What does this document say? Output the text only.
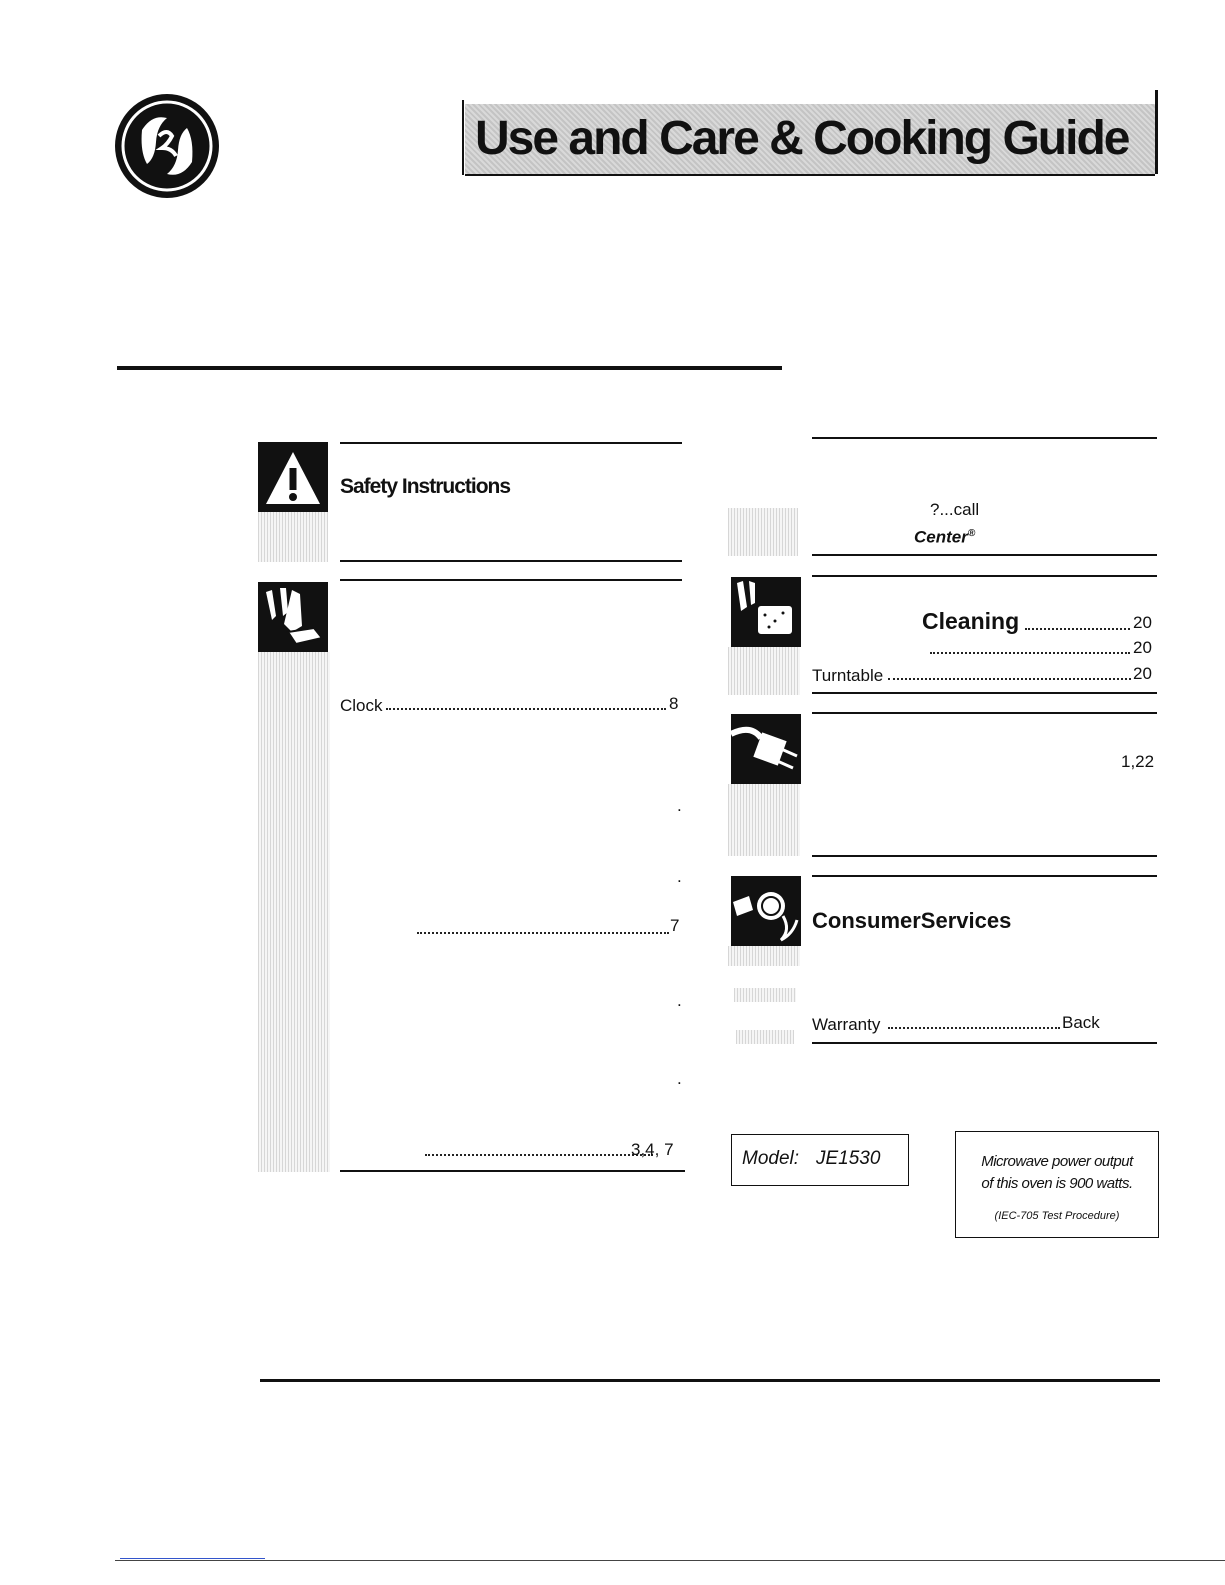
Use and Care & Cooking Guide
Safety Instructions
Clock	8
.
.
7
.
.
3,4, 7
?...call
Center®
Cleaning	20
20
Turntable	20
1,22
ConsumerServices
Warranty	Back
Model: JE1530	Microwave power output
of this oven is 900 watts.
(IEC-705 Test Procedure)
